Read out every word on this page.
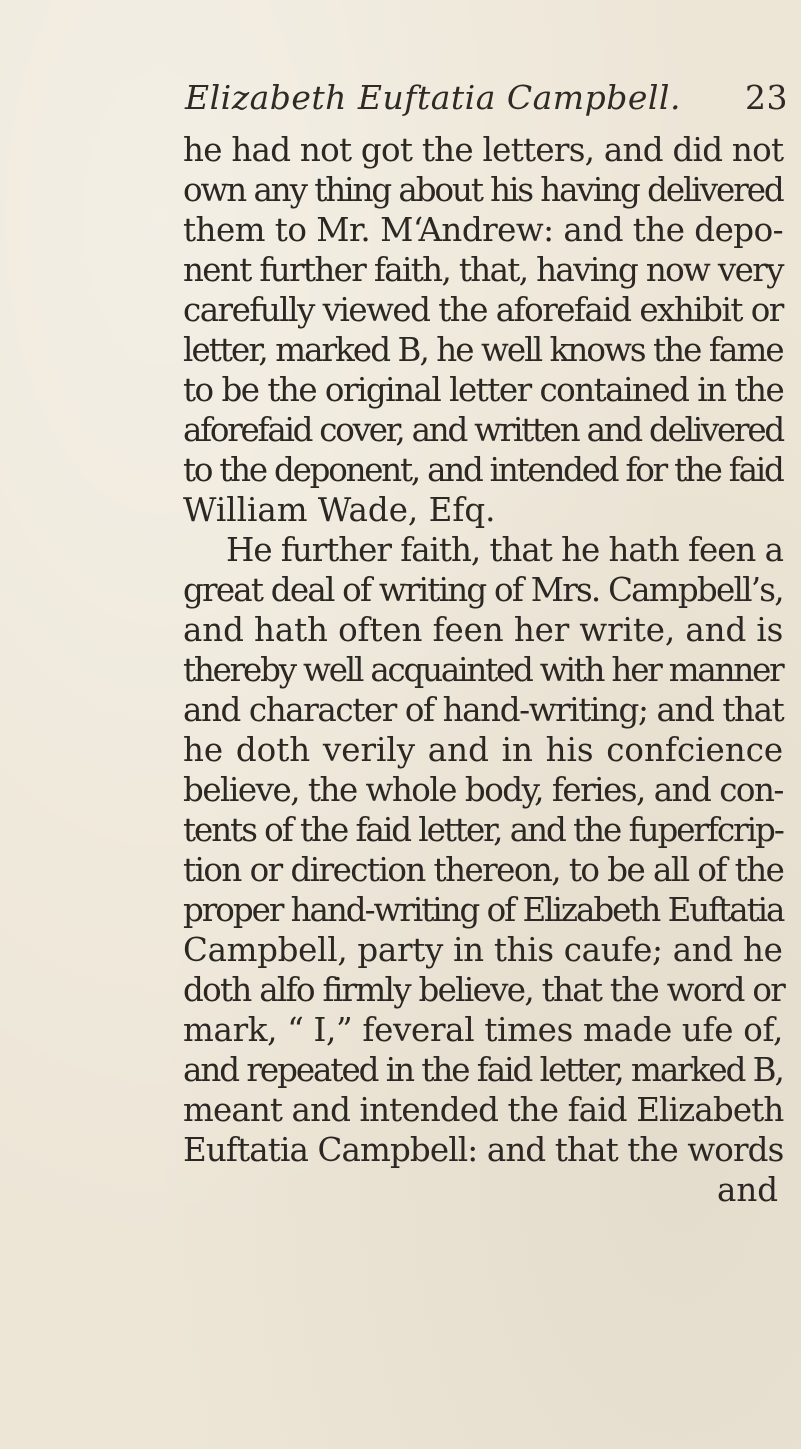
Elizabeth Euftatia Campbell. 23
he had not got the letters, and did not
own any thing about his having delivered
them to Mr. M‘Andrew: and the depo-
nent further faith, that, having now very
carefully viewed the aforefaid exhibit or
letter, marked B, he well knows the fame
to be the original letter contained in the
aforefaid cover, and written and delivered
to the deponent, and intended for the faid
William Wade, Efq.
He further faith, that he hath feen a
great deal of writing of Mrs. Campbell’s,
and hath often feen her write, and is
thereby well acquainted with her manner
and character of hand-writing; and that
he doth verily and in his confcience
believe, the whole body, feries, and con-
tents of the faid letter, and the fuperfcrip-
tion or direction thereon, to be all of the
proper hand-writing of Elizabeth Euftatia
Campbell, party in this caufe; and he
doth alfo firmly believe, that the word or
mark, “ I,” feveral times made ufe of,
and repeated in the faid letter, marked B,
meant and intended the faid Elizabeth
Euftatia Campbell: and that the words
and
